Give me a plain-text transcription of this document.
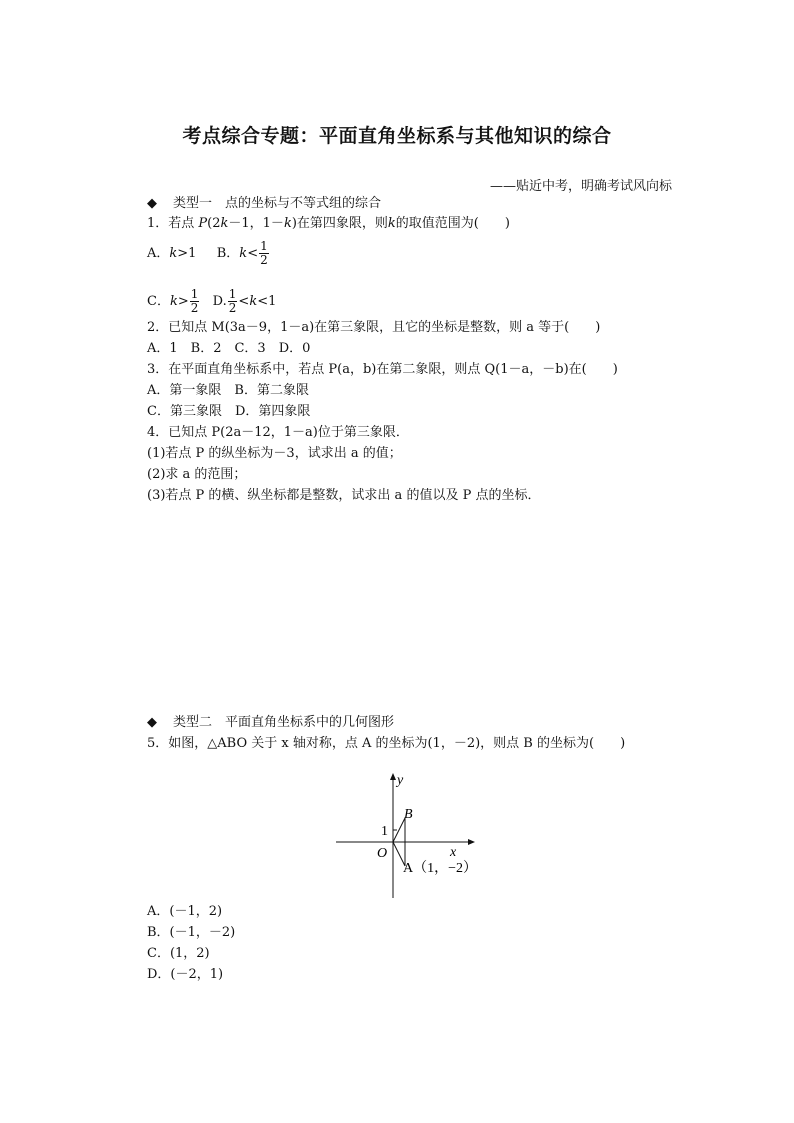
考点综合专题：平面直角坐标系与其他知识的综合
——贴近中考，明确考试风向标
◆ 类型一　点的坐标与不等式组的综合
1．若点 P(2k－1，1－k)在第四象限，则k的取值范围为(　　)
A．k>1 B．$k< \frac{1}{2}$
C．$k> \frac{1}{2} D$. $\frac{1}{2} <k<1$
2．已知点 M(3a－9，1－a)在第三象限，且它的坐标是整数，则 a 等于(　　)
A．1　B．2　C．3　D．0
3．在平面直角坐标系中，若点 P(a，b)在第二象限，则点 Q(1－a，－b)在(　　)
A．第一象限　B．第二象限
C．第三象限　D．第四象限
4．已知点 P(2a－12，1－a)位于第三象限．
(1)若点 P 的纵坐标为－3，试求出 a 的值；
(2)求 a 的范围；
(3)若点 P 的横、纵坐标都是整数，试求出 a 的值以及 P 点的坐标．
◆ 类型二　平面直角坐标系中的几何图形
5．如图，△ABO 关于 x 轴对称，点 A 的坐标为(1，－2)，则点 B 的坐标为(　　)
y
x
O
1
B
A（1，−2）
A．(－1，2)
B．(－1，－2)
C．(1，2)
D．(－2，1)
